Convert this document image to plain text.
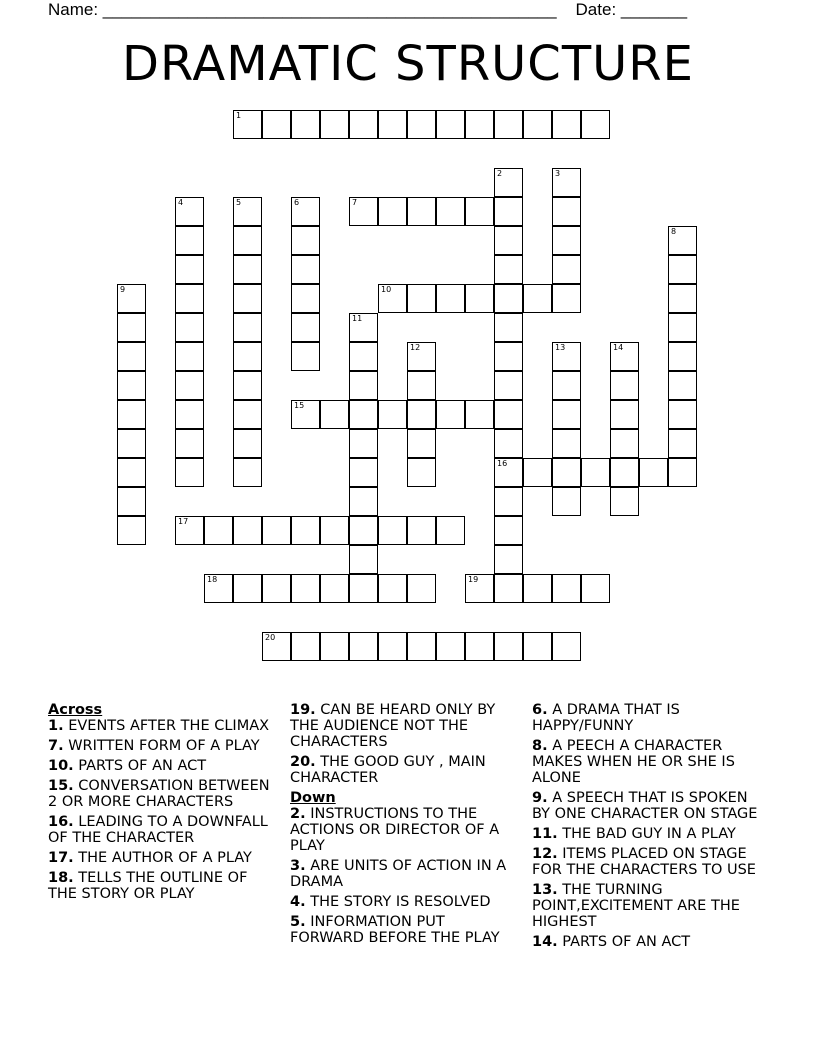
Name: ________________________________________________ Date: _______
DRAMATIC STRUCTURE
1
2
16
3
4	5	6	7
8
9	10
11
12	13	14
15
17
18	19
20
Across
1. EVENTS AFTER THE CLIMAX
7. WRITTEN FORM OF A PLAY
10. PARTS OF AN ACT
15. CONVERSATION BETWEEN 2 OR MORE CHARACTERS
16. LEADING TO A DOWNFALL OF THE CHARACTER
17. THE AUTHOR OF A PLAY
18. TELLS THE OUTLINE OF THE STORY OR PLAY
19. CAN BE HEARD ONLY BY THE AUDIENCE NOT THE CHARACTERS
20. THE GOOD GUY , MAIN CHARACTER
Down
2. INSTRUCTIONS TO THE ACTIONS OR DIRECTOR OF A PLAY
3. ARE UNITS OF ACTION IN A DRAMA
4. THE STORY IS RESOLVED
5. INFORMATION PUT FORWARD BEFORE THE PLAY
6. A DRAMA THAT IS HAPPY/FUNNY
8. A PEECH A CHARACTER MAKES WHEN HE OR SHE IS ALONE
9. A SPEECH THAT IS SPOKEN BY ONE CHARACTER ON STAGE
11. THE BAD GUY IN A PLAY
12. ITEMS PLACED ON STAGE FOR THE CHARACTERS TO USE
13. THE TURNING POINT,EXCITEMENT ARE THE HIGHEST
14. PARTS OF AN ACT
